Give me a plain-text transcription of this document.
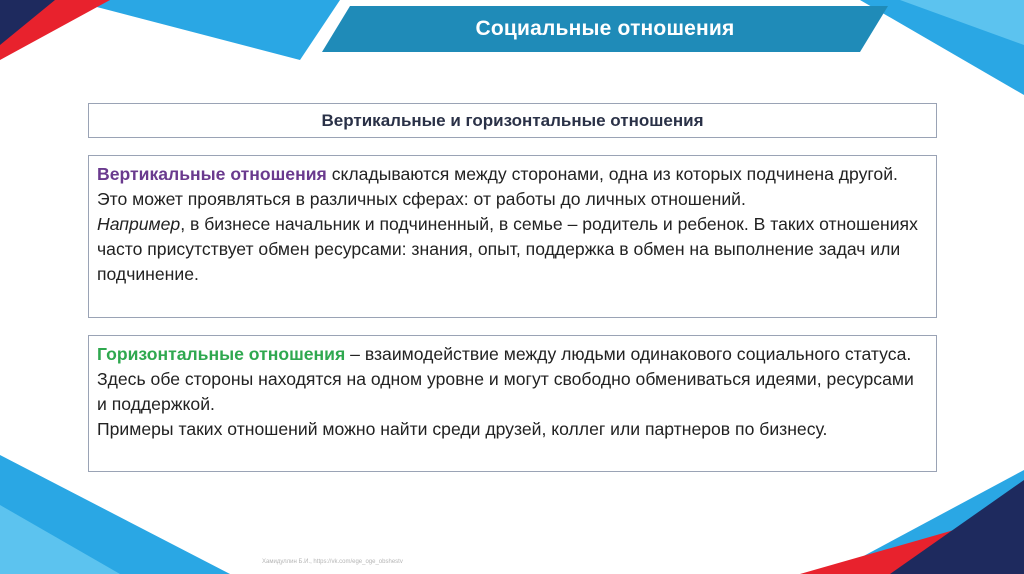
Социальные отношения
Вертикальные и горизонтальные отношения
Вертикальные отношения складываются между сторонами, одна из которых подчинена другой. Это может проявляться в различных сферах: от работы до личных отношений.
Например, в бизнесе начальник и подчиненный, в семье – родитель и ребенок. В таких отношениях часто присутствует обмен ресурсами: знания, опыт, поддержка в обмен на выполнение задач или подчинение.
Горизонтальные отношения – взаимодействие между людьми одинакового социального статуса. Здесь обе стороны находятся на одном уровне и могут свободно обмениваться идеями, ресурсами и поддержкой.
Примеры таких отношений можно найти среди друзей, коллег или партнеров по бизнесу.
Хамидуллин Б.И., https://vk.com/ege_oge_obshestv
